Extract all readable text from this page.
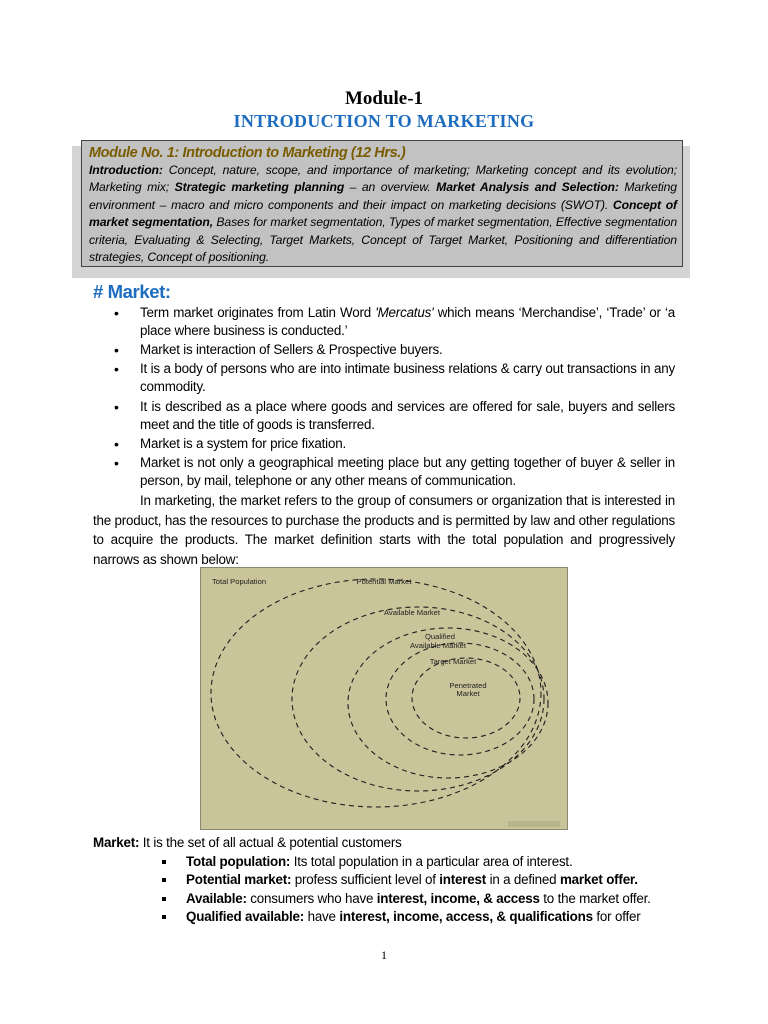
Module-1
INTRODUCTION TO MARKETING
Module No. 1: Introduction to Marketing (12 Hrs.)
Introduction: Concept, nature, scope, and importance of marketing; Marketing concept and its evolution; Marketing mix; Strategic marketing planning – an overview. Market Analysis and Selection: Marketing environment – macro and micro components and their impact on marketing decisions (SWOT). Concept of market segmentation, Bases for market segmentation, Types of market segmentation, Effective segmentation criteria, Evaluating & Selecting, Target Markets, Concept of Target Market, Positioning and differentiation strategies, Concept of positioning.
# Market:
• Term market originates from Latin Word 'Mercatus' which means ‘Merchandise’, ‘Trade’ or ‘a place where business is conducted.’
• Market is interaction of Sellers & Prospective buyers.
• It is a body of persons who are into intimate business relations & carry out transactions in any commodity.
• It is described as a place where goods and services are offered for sale, buyers and sellers meet and the title of goods is transferred.
• Market is a system for price fixation.
• Market is not only a geographical meeting place but any getting together of buyer & seller in person, by mail, telephone or any other means of communication.

In marketing, the market refers to the group of consumers or organization that is interested in the product, has the resources to purchase the products and is permitted by law and other regulations to acquire the products. The market definition starts with the total population and progressively narrows as shown below:

Total Population	Potential Market
Available Market
Qualified
Available Market
Target Market
Penetrated
Market
Market: It is the set of all actual & potential customers
Total population: Its total population in a particular area of interest.
Potential market: profess sufficient level of interest in a defined market offer.
Available: consumers who have interest, income, & access to the market offer.
Qualified available: have interest, income, access, & qualifications for offer
1
